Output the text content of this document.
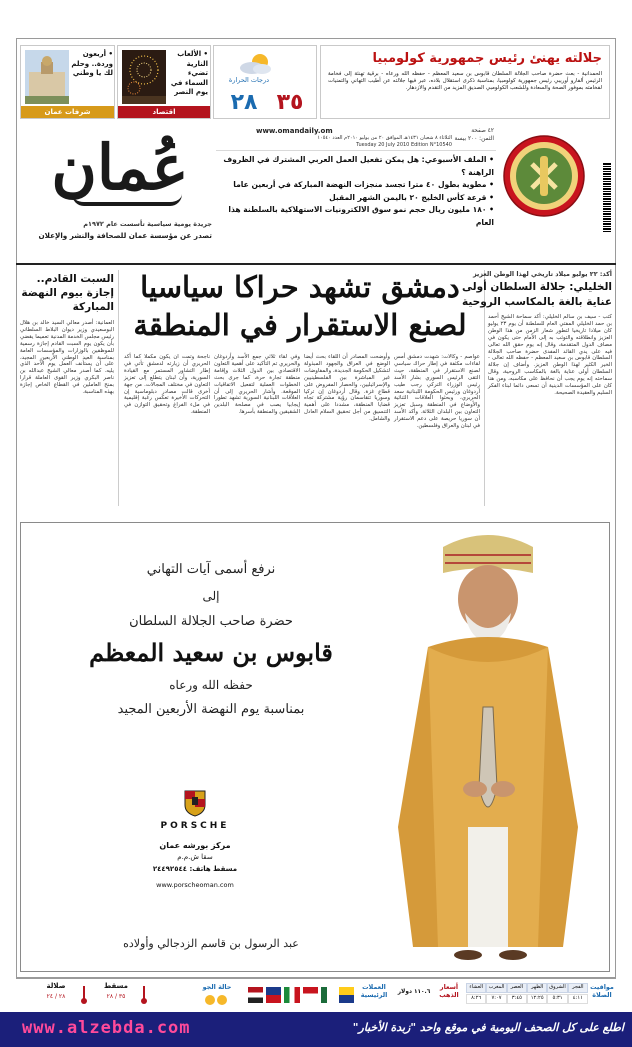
جلالته يهنئ رئيس جمهورية كولومبيا
الحمدانية - بعث حضرة صاحب الجلالة السلطان قابوس بن سعيد المعظم - حفظه الله ورعاه - برقية تهنئة إلى فخامة الرئيس ألفارو أوريبي رئيس جمهورية كولومبيا، بمناسبة ذكرى استقلال بلاده، عبر فيها جلالته عن أطيب التهاني والتمنيات لفخامته بموفور الصحة والسعادة وللشعب الكولومبي الصديق المزيد من التقدم والازدهار.
درجات الحرارة
٣٥
٢٨
• الألعاب النارية تضيء السماء في يوم النصر
اقتصاد
• أربعون وردة.. وحلم لك يا وطني
شرفات عمان
٤٢ صفحة
الثمن: ٢٠٠ بيسة
www.omandaily.om
الثلاثاء ٨ شعبان ١٤٣١هـ الموافق ٢٠ من يوليو ٢٠١٠م العدد ١٠٥٤٠
Tuesday 20 July 2010 Edition N°10540
• الملف الأسبوعي: هل يمكن تفعيل العمل العربي المشترك في الظروف الراهنة ؟
• مطوية بطول ٤٠ مترا تجسد منجزات النهضة المباركة في أربعين عاما
• قرعة كأس الخليج ٢٠ باليمن الشهر المقبل
• ١٨٠ مليون ريال حجم نمو سوق الالكترونيات الاستهلاكية بالسلطنة هذا العام
عُمان
جريدة يومية سياسية تأسست عام ١٩٧٢م
تصدر عن مؤسسة عمان للصحافة والنشر والإعلان
السبت القادم.. إجازة بيوم النهضة المباركة
العمانية: أصدر معالي السيد خالد بن هلال البوسعيدي وزير ديوان البلاط السلطاني رئيس مجلس الخدمة المدنية تعميما يقضي بأن يكون يوم السبت القادم إجازة رسمية للموظفين بالوزارات والمؤسسات العامة بمناسبة العيد الوطني الأربعين المجيد، على أن يستأنف العمل يوم الأحد الذي يليه. كما أصدر معالي الشيخ عبدالله بن ناصر البكري وزير القوى العاملة قرارا بمنح العاملين في القطاع الخاص إجازة بهذه المناسبة.
دمشق تشهد حراكا سياسيا
لصنع الاستقرار في المنطقة
عواصم - وكالات: شهدت دمشق أمس لقاءات مكثفة في إطار حراك سياسي لصنع الاستقرار في المنطقة، حيث التقى الرئيس السوري بشار الأسد رئيس الوزراء التركي رجب طيب أردوغان ورئيس الحكومة اللبنانية سعد الحريري، وبحثوا العلاقات الثنائية والأوضاع في المنطقة وسبل تعزيز التعاون بين البلدان الثلاثة. وأكد الأسد أن سوريا حريصة على دعم الاستقرار في لبنان والعراق وفلسطين.
وأوضحت المصادر أن اللقاء بحث أيضا الوضع في العراق والجهود المبذولة لتشكيل الحكومة الجديدة، والمفاوضات غير المباشرة بين الفلسطينيين والإسرائيليين، والحصار المفروض على قطاع غزة. وقال أردوغان إن تركيا وسوريا تتقاسمان رؤية مشتركة تجاه قضايا المنطقة، مشددا على أهمية التنسيق من أجل تحقيق السلام العادل والشامل.
وفي لقاء ثلاثي جمع الأسد وأردوغان والحريري تم التأكيد على أهمية التعاون الاقتصادي بين الدول الثلاث وإقامة منطقة تجارة حرة، كما جرى بحث الخطوات العملية لتفعيل الاتفاقيات الموقعة. وأشار الحريري إلى أن العلاقات اللبنانية السورية تشهد تطورا إيجابيا يصب في مصلحة البلدين الشقيقين والمنطقة بأسرها.
ناجحة وتمت ان يكون مكملا كما أكد الحريري أن زيارته لدمشق تأتي في إطار التشاور المستمر مع القيادة السورية، وأن لبنان يتطلع إلى تعزيز التعاون في مختلف المجالات. من جهة أخرى قالت مصادر دبلوماسية إن التحركات الأخيرة تعكس رغبة إقليمية في ملء الفراغ وتحقيق التوازن في المنطقة.
أكد: ٢٢ يوليو ميلاد تاريخي لهذا الوطن العزيز
الخليلي: جلالة السلطان أولى
عناية بالغة بالمكاسب الروحية
كتب - سيف بن سالم الخليلي: أكد سماحة الشيخ أحمد بن حمد الخليلي المفتي العام للسلطنة أن يوم ٢٣ يوليو كان ميلادا تاريخيا لتطور شعار الزمن من هذا الوطن العزيز وانطلاقته والتوثب به إلى الأمام حتى يكون في مصاف الدول المتقدمة، وقال إنه يوم حقق الله تعالى فيه على يدي القائد المفدى حضرة صاحب الجلالة السلطان قابوس بن سعيد المعظم - حفظه الله تعالى - الخير الكثير لهذا الوطن العزيز. وأضاف إن جلالة السلطان أولى عناية بالغة بالمكاسب الروحية، وقال سماحته إنه يوم يجب أن نحافظ على مكاسبه، ومن هنا كان على المؤسسات الدينية أن تسعى دائما لبناء الفكر السليم والعقيدة الصحيحة.
نرفع أسمى آيات التهاني
إلى
حضرة صاحب الجلالة السلطان
قابوس بن سعيد المعظم
حفظه الله ورعاه
بمناسبة يوم النهضة الأربعين المجيد
PORSCHE
مركز بورشه عمان
سقا ش.م.م
مسقط هاتف: ٢٤٤٩٢٥٤٤
www.porscheoman.com
عبد الرسول بن قاسم الزدجالي وأولاده
مواقيت الصلاة
الفجر
الشروق
الظهر
العصر
المغرب
العشاء
٤:١١
٥:٣١
١٢:٢٥
٣:٤٥
٧:٠٧
٨:٢٦
أسعار الذهب
١١٠.٦ دولار
العملات الرئيسية
حالة الجو
مسقط
٣٥ / ٢٨
صلالة
٢٨ / ٢٤
www.alzebda.com	اطلع على كل الصحف اليومية في موقع واحد "زبدة الأخبار"
